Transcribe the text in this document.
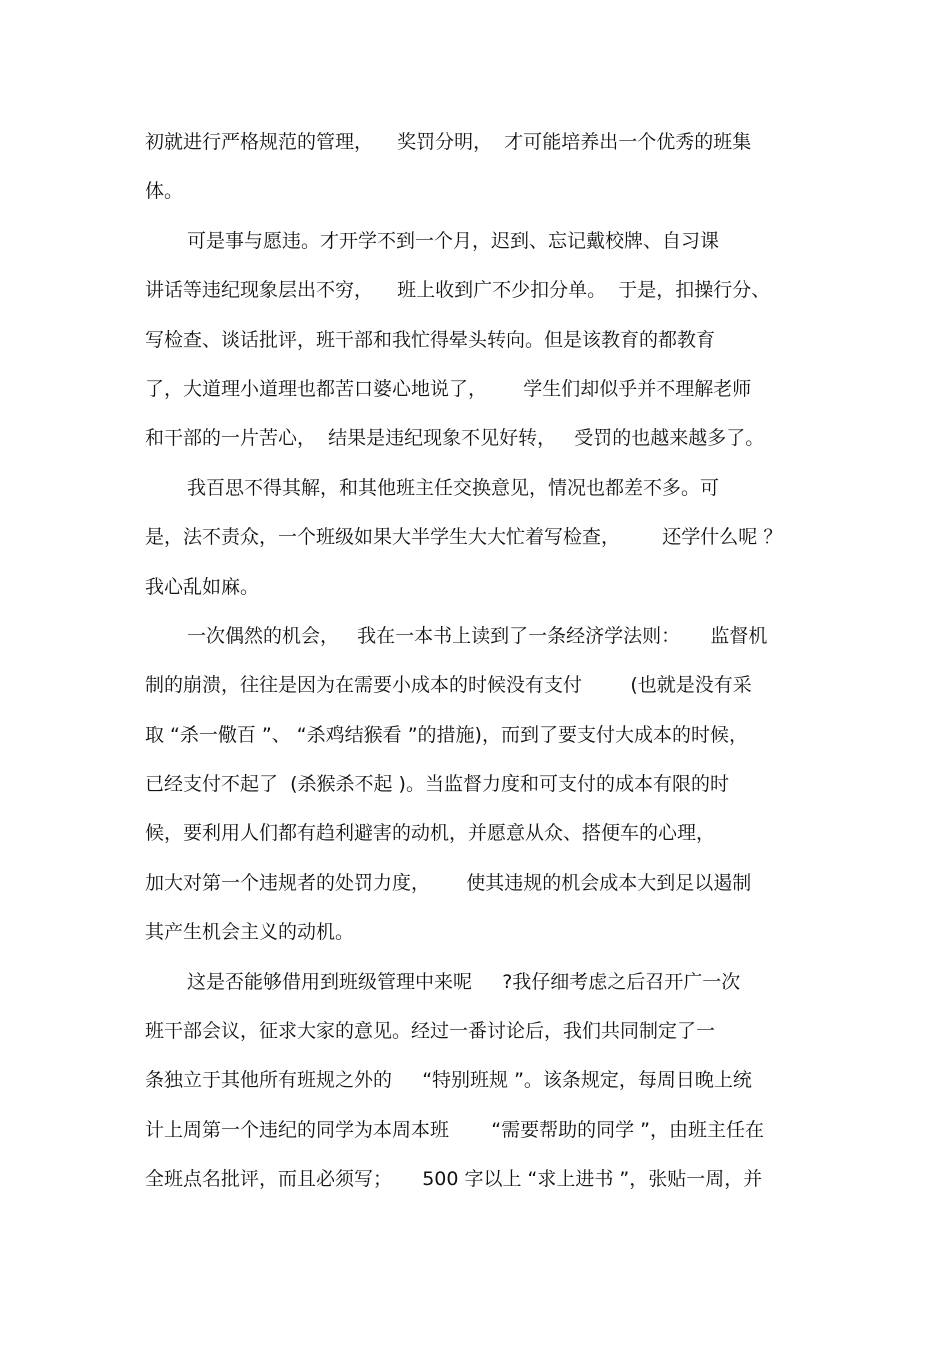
初就进行严格规范的管理，    奖罚分明，  才可能培养出一个优秀的班集
体。
可是事与愿违。才开学不到一个月，迟到、忘记戴校牌、自习课
讲话等违纪现象层出不穷，    班上收到广不少扣分单。  于是，扣操行分、
写检查、谈话批评，班干部和我忙得晕头转向。但是该教育的都教育
了，大道理小道理也都苦口婆心地说了，      学生们却似乎并不理解老师
和干部的一片苦心，  结果是违纪现象不见好转，   受罚的也越来越多了。
我百思不得其解，和其他班主任交换意见，情况也都差不多。可
是，法不责众，一个班级如果大半学生大大忙着写检查，       还学什么呢 ？
我心乱如麻。
一次偶然的机会，   我在一本书上读到了一条经济学法则：     监督机
制的崩溃，往往是因为在需要小成本的时候没有支付        (也就是没有采
取 “杀一儆百 ”、 “杀鸡结猴看 ”的措施)，而到了要支付大成本的时候，
已经支付不起了  (杀猴杀不起 )。当监督力度和可支付的成本有限的时
候，要利用人们都有趋利避害的动机，并愿意从众、搭便车的心理，
加大对第一个违规者的处罚力度，      使其违规的机会成本大到足以遏制
其产生机会主义的动机。
这是否能够借用到班级管理中来呢     ?我仔细考虑之后召开广一次
班干部会议，征求大家的意见。经过一番讨论后，我们共同制定了一
条独立于其他所有班规之外的     “特别班规 ”。该条规定，每周日晚上统
计上周第一个违纪的同学为本周本班       “需要帮助的同学 ”，由班主任在
全班点名批评，而且必须写；     500 字以上 “求上进书 ”，张贴一周，并
